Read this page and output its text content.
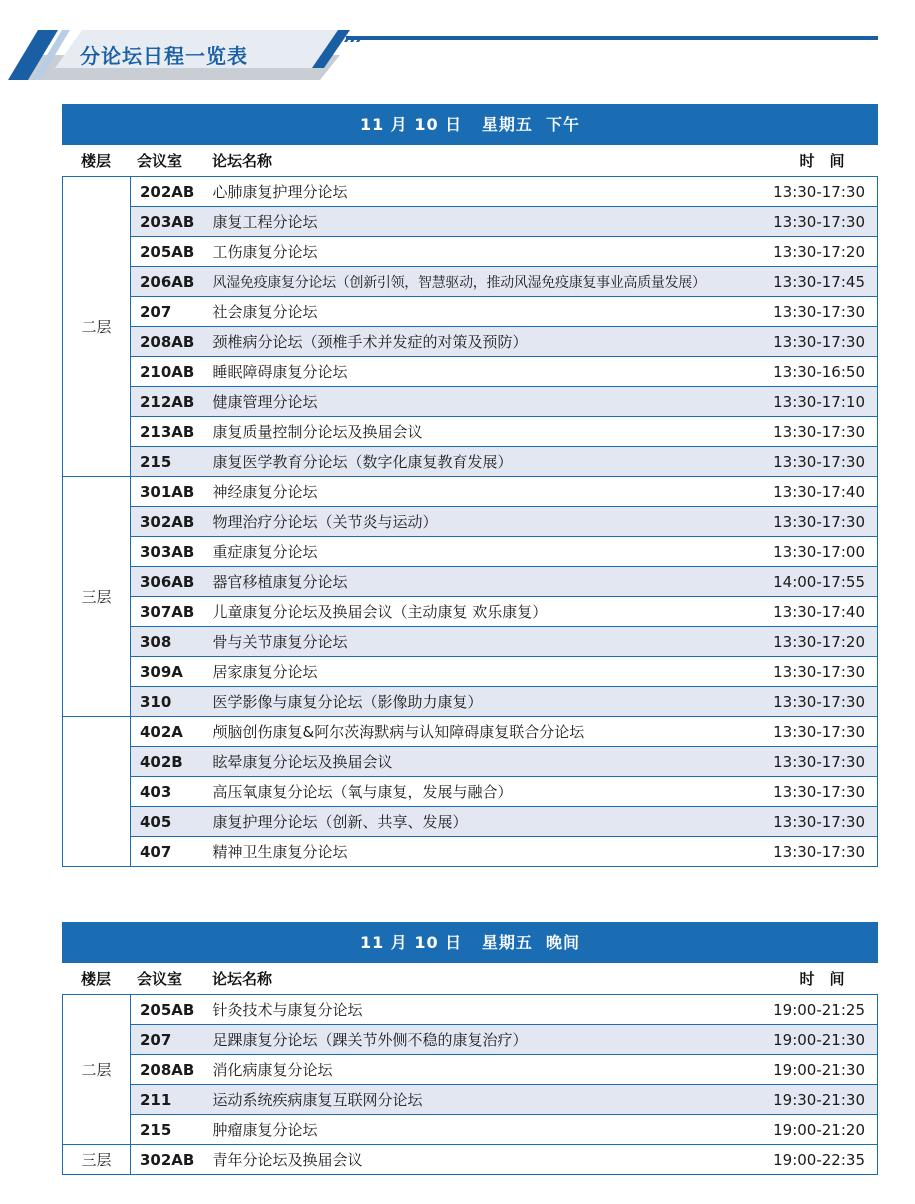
分论坛日程一览表
11 月 10 日   星期五  下午
楼层	会议室	论坛名称	时　间
二层	202AB	心肺康复护理分论坛	13:30-17:30
	203AB	康复工程分论坛	13:30-17:30
	205AB	工伤康复分论坛	13:30-17:20
	206AB	风湿免疫康复分论坛（创新引领，智慧驱动，推动风湿免疫康复事业高质量发展）	13:30-17:45
	207	社会康复分论坛	13:30-17:30
	208AB	颈椎病分论坛（颈椎手术并发症的对策及预防）	13:30-17:30
	210AB	睡眠障碍康复分论坛	13:30-16:50
	212AB	健康管理分论坛	13:30-17:10
	213AB	康复质量控制分论坛及换届会议	13:30-17:30
	215	康复医学教育分论坛（数字化康复教育发展）	13:30-17:30
三层	301AB	神经康复分论坛	13:30-17:40
	302AB	物理治疗分论坛（关节炎与运动）	13:30-17:30
	303AB	重症康复分论坛	13:30-17:00
	306AB	器官移植康复分论坛	14:00-17:55
	307AB	儿童康复分论坛及换届会议（主动康复 欢乐康复）	13:30-17:40
	308	骨与关节康复分论坛	13:30-17:20
	309A	居家康复分论坛	13:30-17:30
	310	医学影像与康复分论坛（影像助力康复）	13:30-17:30
	402A	颅脑创伤康复&阿尔茨海默病与认知障碍康复联合分论坛	13:30-17:30
	402B	眩晕康复分论坛及换届会议	13:30-17:30
	403	高压氧康复分论坛（氧与康复，发展与融合）	13:30-17:30
	405	康复护理分论坛（创新、共享、发展）	13:30-17:30
	407	精神卫生康复分论坛	13:30-17:30
11 月 10 日   星期五  晚间
楼层	会议室	论坛名称	时　间
二层	205AB	针灸技术与康复分论坛	19:00-21:25
	207	足踝康复分论坛（踝关节外侧不稳的康复治疗）	19:00-21:30
	208AB	消化病康复分论坛	19:00-21:30
	211	运动系统疾病康复互联网分论坛	19:30-21:30
	215	肿瘤康复分论坛	19:00-21:20
三层	302AB	青年分论坛及换届会议	19:00-22:35
